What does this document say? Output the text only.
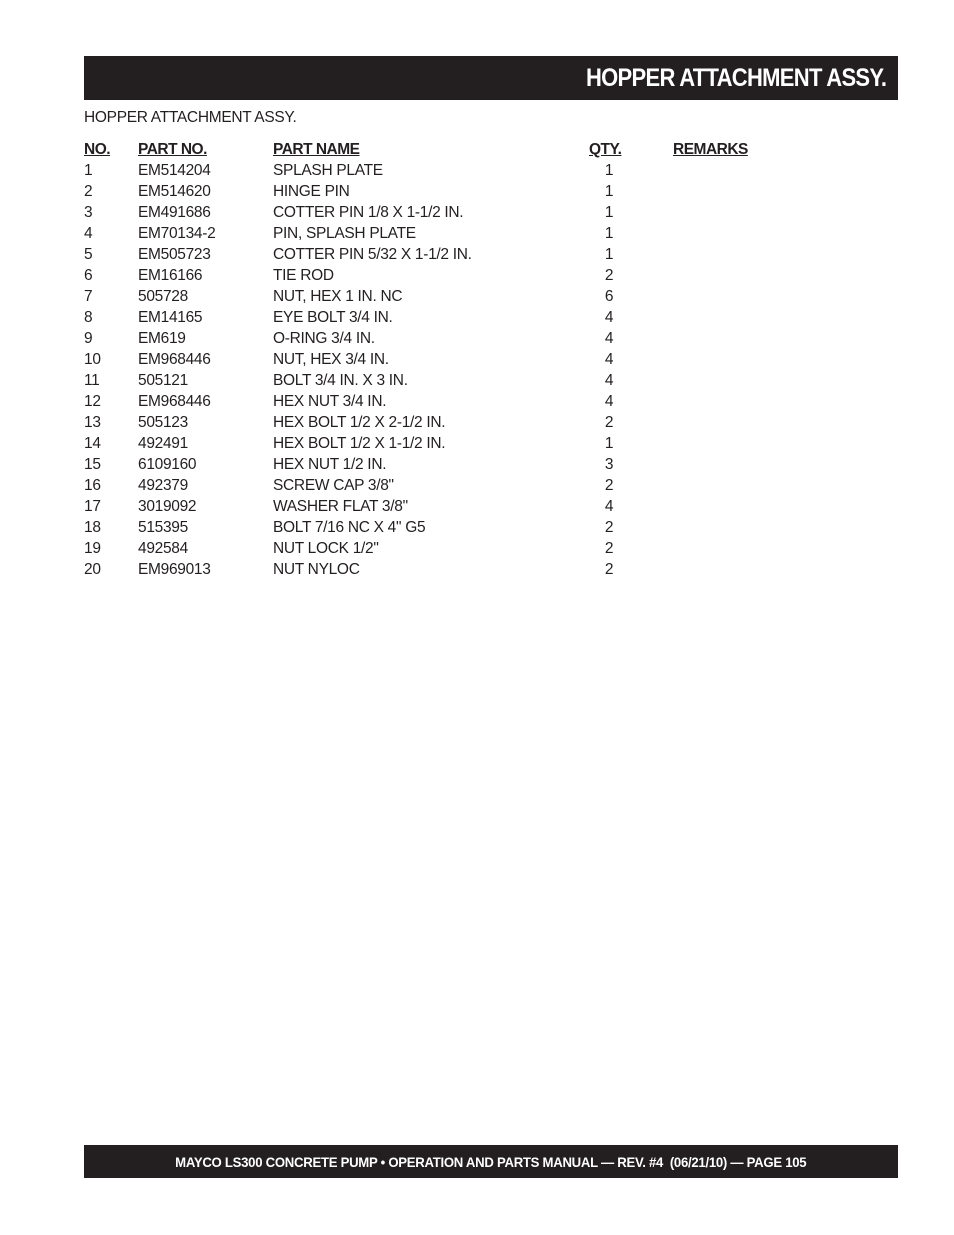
HOPPER ATTACHMENT ASSY.
HOPPER ATTACHMENT ASSY.
NO. PART NO.	PART NAME	QTY.	REMARKS
1	EM514204	SPLASH PLATE	1
2	EM514620	HINGE PIN	1
3	EM491686	COTTER PIN 1/8 X 1-1/2 IN.	1
4	EM70134-2	PIN, SPLASH PLATE	1
5	EM505723	COTTER PIN 5/32 X 1-1/2 IN.	1
6	EM16166	TIE ROD	2
7	505728	NUT, HEX 1 IN. NC	6
8	EM14165	EYE BOLT 3/4 IN.	4
9	EM619	O-RING 3/4 IN.	4
10 EM968446	NUT, HEX 3/4 IN.	4
11 505121	BOLT 3/4 IN. X 3 IN.	4
12 EM968446	HEX NUT 3/4 IN.	4
13 505123	HEX BOLT 1/2 X 2-1/2 IN.	2
14 492491	HEX BOLT 1/2 X 1-1/2 IN.	1
15 6109160	HEX NUT 1/2 IN.	3
16 492379	SCREW CAP 3/8"	2
17 3019092	WASHER FLAT 3/8"	4
18 515395	BOLT 7/16 NC X 4" G5	2
19 492584	NUT LOCK 1/2"	2
20 EM969013	NUT NYLOC	2
MAYCO LS300 CONCRETE PUMP • OPERATION AND PARTS MANUAL — REV. #4  (06/21/10) — PAGE 105
